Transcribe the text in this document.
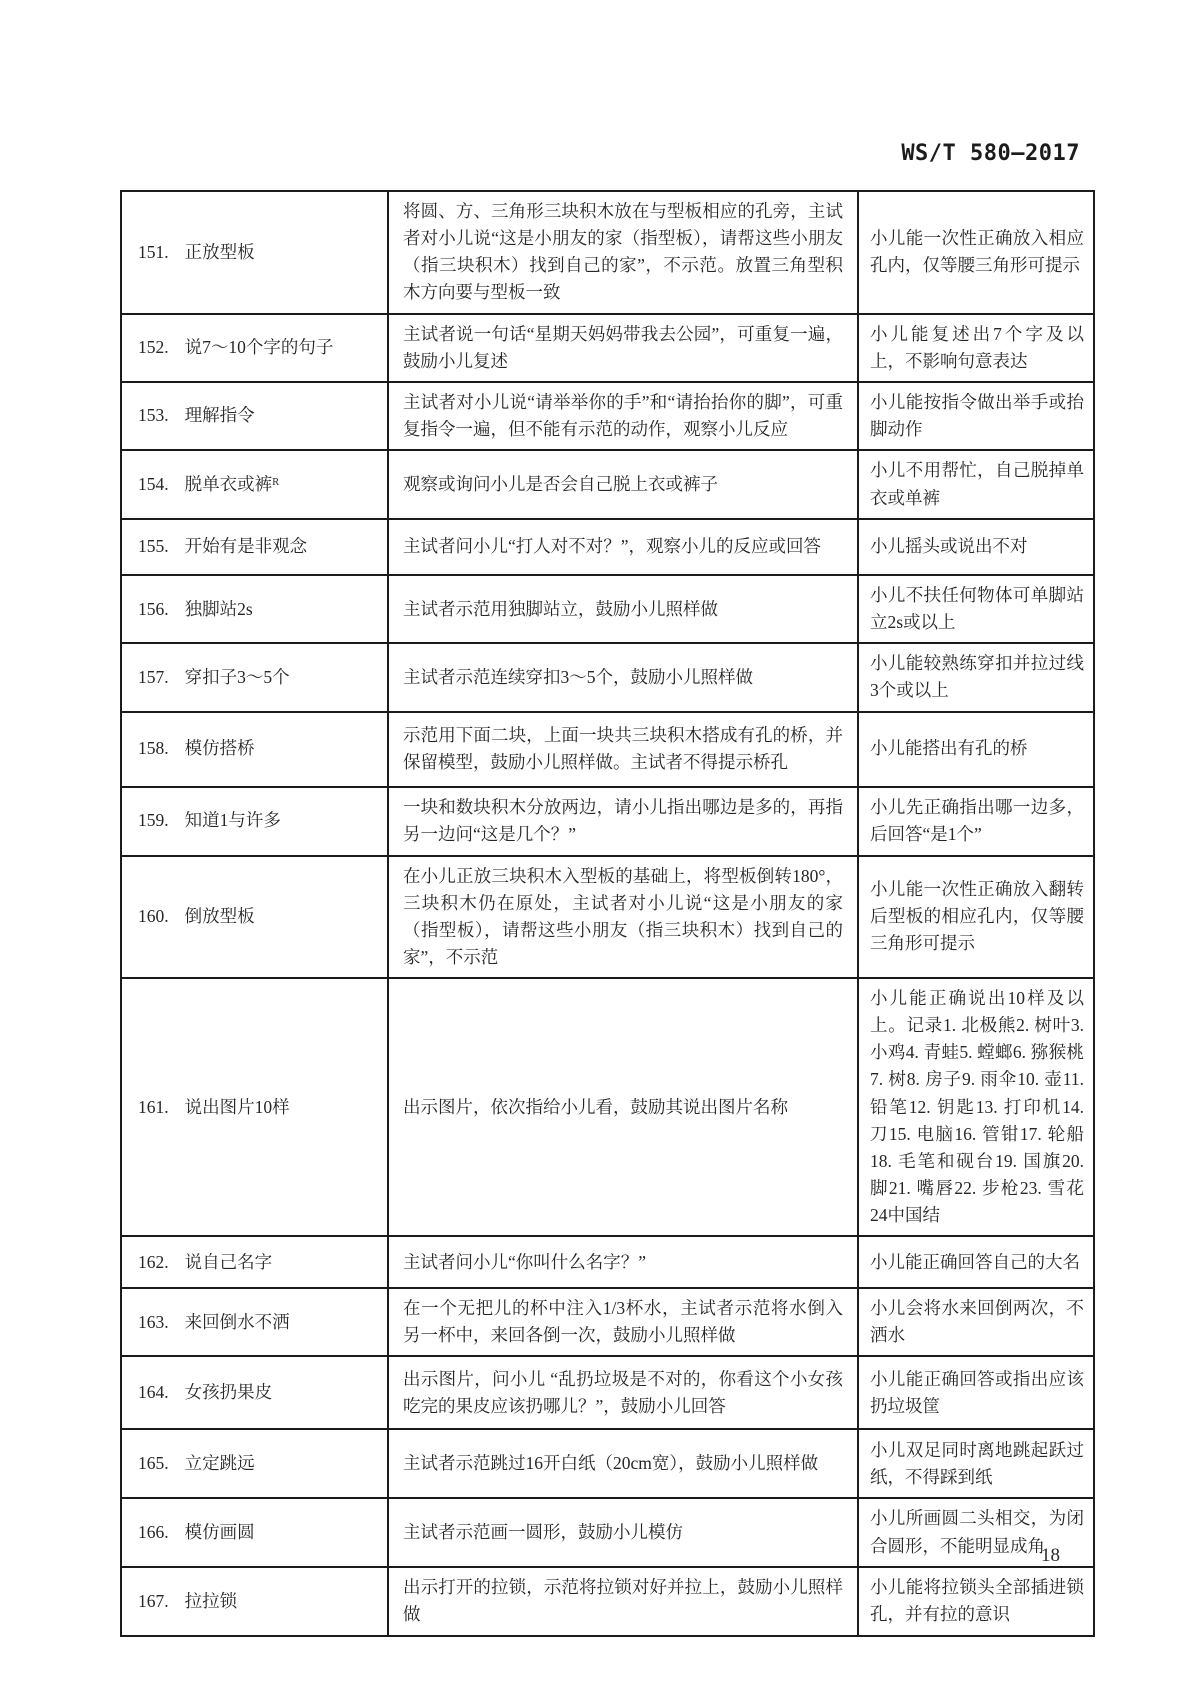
WS/T 580—2017
151. 正放型板	将圆、方、三角形三块积木放在与型板相应的孔旁，主试者对小儿说“这是小朋友的家（指型板），请帮这些小朋友（指三块积木）找到自己的家”，不示范。放置三角型积木方向要与型板一致	小儿能一次性正确放入相应孔内，仅等腰三角形可提示
152. 说7～10个字的句子	主试者说一句话“星期天妈妈带我去公园”，可重复一遍，鼓励小儿复述	小儿能复述出7个字及以上，不影响句意表达
153. 理解指令	主试者对小儿说“请举举你的手”和“请抬抬你的脚”，可重复指令一遍，但不能有示范的动作，观察小儿反应	小儿能按指令做出举手或抬脚动作
154. 脱单衣或裤ᴿ	观察或询问小儿是否会自己脱上衣或裤子	小儿不用帮忙，自己脱掉单衣或单裤
155. 开始有是非观念	主试者问小儿“打人对不对？”，观察小儿的反应或回答	小儿摇头或说出不对
156. 独脚站2s	主试者示范用独脚站立，鼓励小儿照样做	小儿不扶任何物体可单脚站立2s或以上
157. 穿扣子3～5个	主试者示范连续穿扣3～5个，鼓励小儿照样做	小儿能较熟练穿扣并拉过线3个或以上
158. 模仿搭桥	示范用下面二块，上面一块共三块积木搭成有孔的桥，并保留模型，鼓励小儿照样做。主试者不得提示桥孔	小儿能搭出有孔的桥
159. 知道1与许多	一块和数块积木分放两边，请小儿指出哪边是多的，再指另一边问“这是几个？”	小儿先正确指出哪一边多，后回答“是1个”
160. 倒放型板	在小儿正放三块积木入型板的基础上，将型板倒转180°，三块积木仍在原处，主试者对小儿说“这是小朋友的家（指型板），请帮这些小朋友（指三块积木）找到自己的家”，不示范	小儿能一次性正确放入翻转后型板的相应孔内，仅等腰三角形可提示
161. 说出图片10样	出示图片，依次指给小儿看，鼓励其说出图片名称	小儿能正确说出10样及以上。记录1. 北极熊2. 树叶3. 小鸡4. 青蛙5. 螳螂6. 猕猴桃7. 树8. 房子9. 雨伞10. 壶11. 铅笔12. 钥匙13. 打印机14. 刀15. 电脑16. 管钳17. 轮船18. 毛笔和砚台19. 国旗20. 脚21. 嘴唇22. 步枪23. 雪花24中国结
162. 说自己名字	主试者问小儿“你叫什么名字？”	小儿能正确回答自己的大名
163. 来回倒水不洒	在一个无把儿的杯中注入1/3杯水，主试者示范将水倒入另一杯中，来回各倒一次，鼓励小儿照样做	小儿会将水来回倒两次，不洒水
164. 女孩扔果皮	出示图片，问小儿 “乱扔垃圾是不对的，你看这个小女孩吃完的果皮应该扔哪儿？”，鼓励小儿回答	小儿能正确回答或指出应该扔垃圾筐
165. 立定跳远	主试者示范跳过16开白纸（20cm宽），鼓励小儿照样做	小儿双足同时离地跳起跃过纸，不得踩到纸
166. 模仿画圆	主试者示范画一圆形，鼓励小儿模仿	小儿所画圆二头相交，为闭合圆形，不能明显成角
167. 拉拉锁	出示打开的拉锁，示范将拉锁对好并拉上，鼓励小儿照样做	小儿能将拉锁头全部插进锁孔，并有拉的意识
18
